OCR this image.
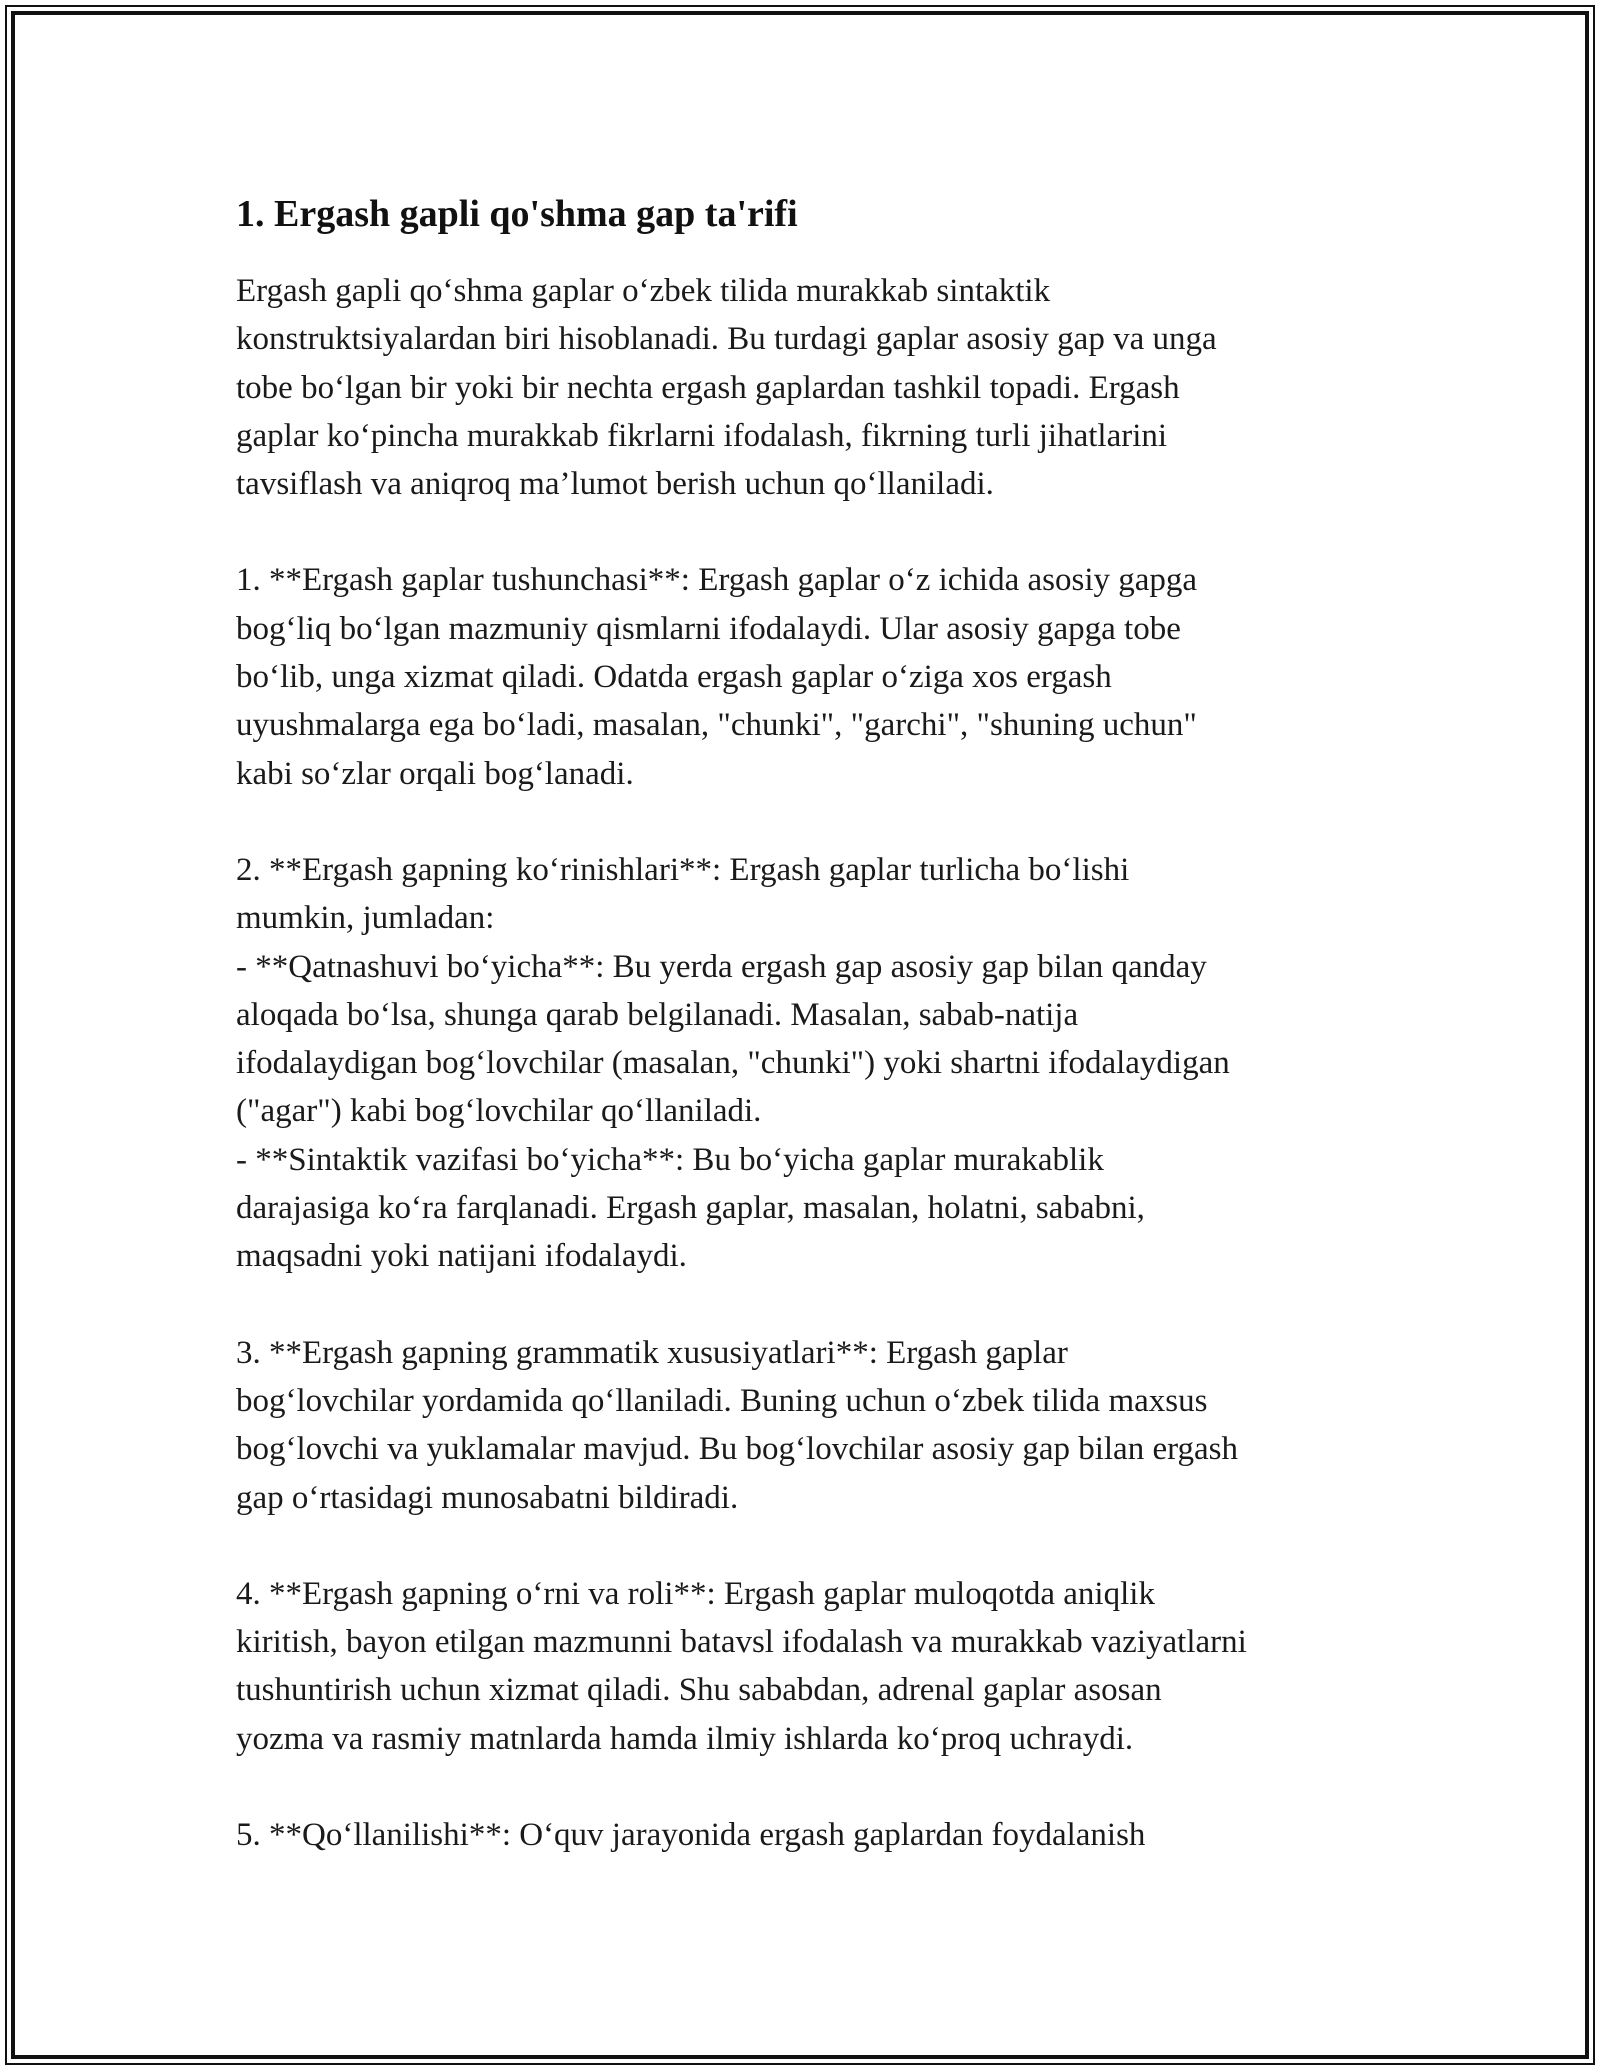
1. Ergash gapli qo'shma gap ta'rifi

Ergash gapli qo‘shma gaplar o‘zbek tilida murakkab sintaktik
konstruktsiyalardan biri hisoblanadi. Bu turdagi gaplar asosiy gap va unga
tobe bo‘lgan bir yoki bir nechta ergash gaplardan tashkil topadi. Ergash
gaplar ko‘pincha murakkab fikrlarni ifodalash, fikrning turli jihatlarini
tavsiflash va aniqroq ma’lumot berish uchun qo‘llaniladi.

1. **Ergash gaplar tushunchasi**: Ergash gaplar o‘z ichida asosiy gapga
bog‘liq bo‘lgan mazmuniy qismlarni ifodalaydi. Ular asosiy gapga tobe
bo‘lib, unga xizmat qiladi. Odatda ergash gaplar o‘ziga xos ergash
uyushmalarga ega bo‘ladi, masalan, "chunki", "garchi", "shuning uchun"
kabi so‘zlar orqali bog‘lanadi.

2. **Ergash gapning ko‘rinishlari**: Ergash gaplar turlicha bo‘lishi
mumkin, jumladan:
- **Qatnashuvi bo‘yicha**: Bu yerda ergash gap asosiy gap bilan qanday
aloqada bo‘lsa, shunga qarab belgilanadi. Masalan, sabab-natija
ifodalaydigan bog‘lovchilar (masalan, "chunki") yoki shartni ifodalaydigan
("agar") kabi bog‘lovchilar qo‘llaniladi.
- **Sintaktik vazifasi bo‘yicha**: Bu bo‘yicha gaplar murakablik
darajasiga ko‘ra farqlanadi. Ergash gaplar, masalan, holatni, sababni,
maqsadni yoki natijani ifodalaydi.

3. **Ergash gapning grammatik xususiyatlari**: Ergash gaplar
bog‘lovchilar yordamida qo‘llaniladi. Buning uchun o‘zbek tilida maxsus
bog‘lovchi va yuklamalar mavjud. Bu bog‘lovchilar asosiy gap bilan ergash
gap o‘rtasidagi munosabatni bildiradi.

4. **Ergash gapning o‘rni va roli**: Ergash gaplar muloqotda aniqlik
kiritish, bayon etilgan mazmunni batavsl ifodalash va murakkab vaziyatlarni
tushuntirish uchun xizmat qiladi. Shu sababdan, adrenal gaplar asosan
yozma va rasmiy matnlarda hamda ilmiy ishlarda ko‘proq uchraydi.

5. **Qo‘llanilishi**: O‘quv jarayonida ergash gaplardan foydalanish
